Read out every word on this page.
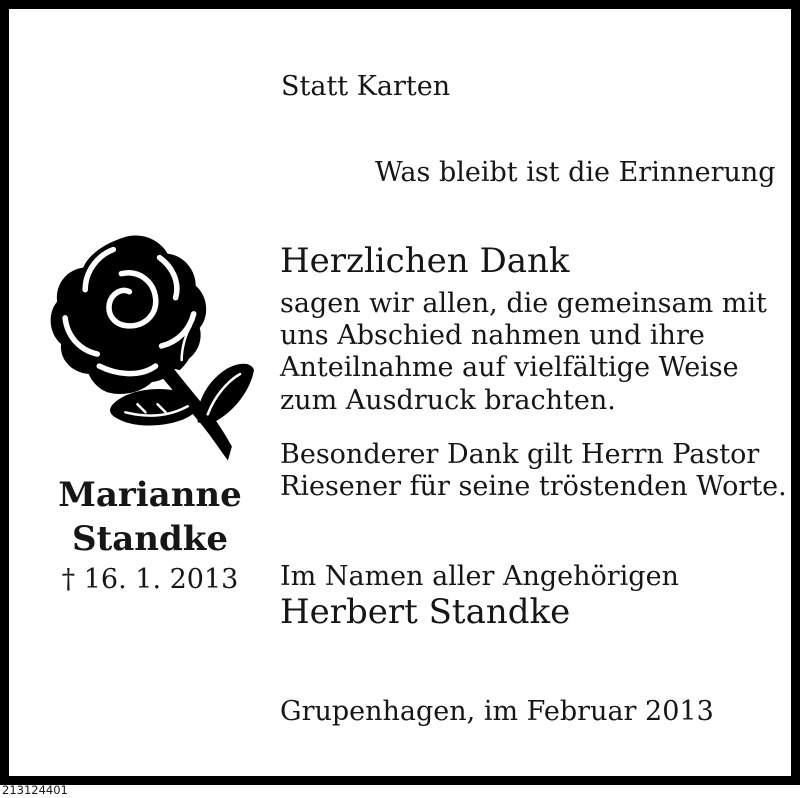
Statt Karten
Was bleibt ist die Erinnerung
Herzlichen Dank
sagen wir allen, die gemeinsam mit
uns Abschied nahmen und ihre
Anteilnahme auf vielfältige Weise
zum Ausdruck brachten.
Besonderer Dank gilt Herrn Pastor
Riesener für seine tröstenden Worte.
Marianne
Standke
† 16. 1. 2013	Im Namen aller Angehörigen
Herbert Standke
Grupenhagen, im Februar 2013
213124401
